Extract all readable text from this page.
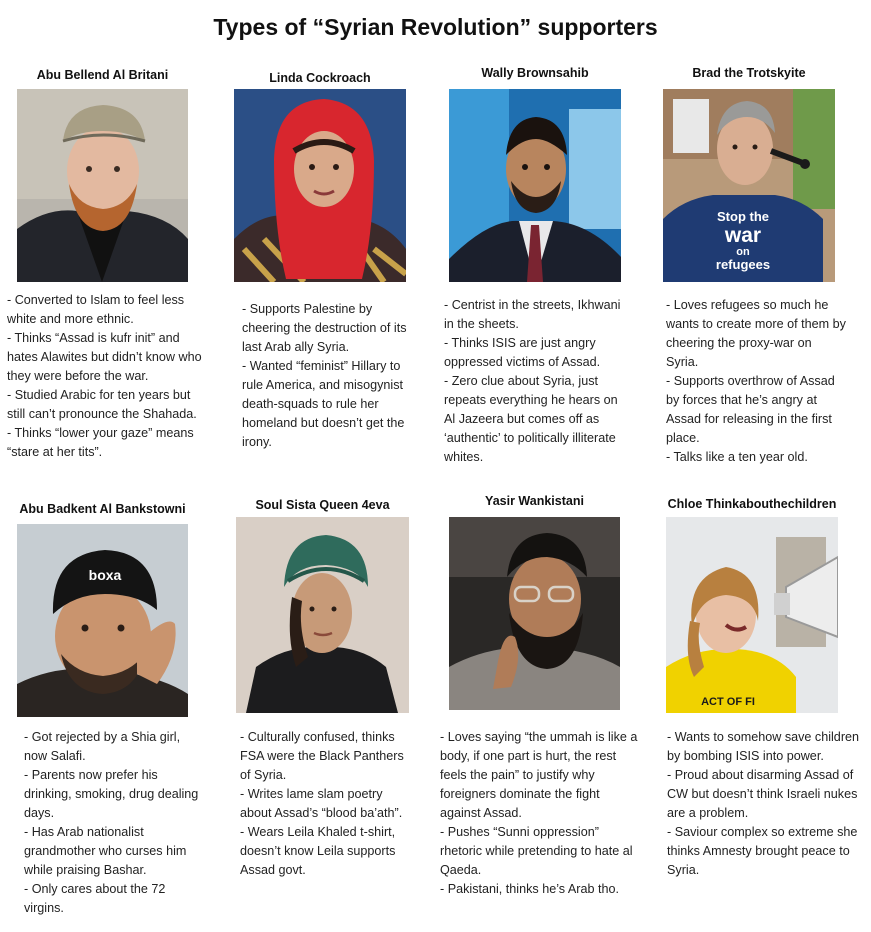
Types of “Syrian Revolution” supporters
Abu Bellend Al Britani
- Converted to Islam to feel less white and more ethnic.
- Thinks “Assad is kufr init” and hates Alawites but didn’t know who they were before the war.
- Studied Arabic for ten years but still can’t pronounce the Shahada.
- Thinks “lower your gaze” means “stare at her tits”.
Linda Cockroach
- Supports Palestine by cheering the destruction of its last Arab ally Syria.
- Wanted “feminist” Hillary to rule America, and misogynist death-squads to rule her homeland but doesn’t get the irony.
Wally Brownsahib
- Centrist in the streets, Ikhwani in the sheets.
- Thinks ISIS are just angry oppressed victims of Assad.
- Zero clue about Syria, just repeats everything he hears on Al Jazeera but comes off as ‘authentic’ to politically illiterate whites.
Brad the Trotskyite
Stop the
war
on
refugees
- Loves refugees so much he wants to create more of them by cheering the proxy-war on Syria.
- Supports overthrow of Assad by forces that he’s angry at Assad for releasing in the first place.
- Talks like a ten year old.
Abu Badkent Al Bankstowni
boxa
- Got rejected by a Shia girl, now Salafi.
- Parents now prefer his drinking, smoking, drug dealing days.
- Has Arab nationalist grandmother who curses him while praising Bashar.
- Only cares about the 72 virgins.
Soul Sista Queen 4eva
- Culturally confused, thinks FSA were the Black Panthers of Syria.
- Writes lame slam poetry about Assad’s “blood ba’ath”.
- Wears Leila Khaled t-shirt, doesn’t know Leila supports Assad govt.
Yasir Wankistani
- Loves saying “the ummah is like a body, if one part is hurt, the rest feels the pain” to justify why foreigners dominate the fight against Assad.
- Pushes “Sunni oppression” rhetoric while pretending to hate al Qaeda.
- Pakistani, thinks he’s Arab tho.
Chloe Thinkabouthechildren
ACT OF FI
- Wants to somehow save children by bombing ISIS into power.
- Proud about disarming Assad of CW but doesn’t think Israeli nukes are a problem.
- Saviour complex so extreme she thinks Amnesty brought peace to Syria.
